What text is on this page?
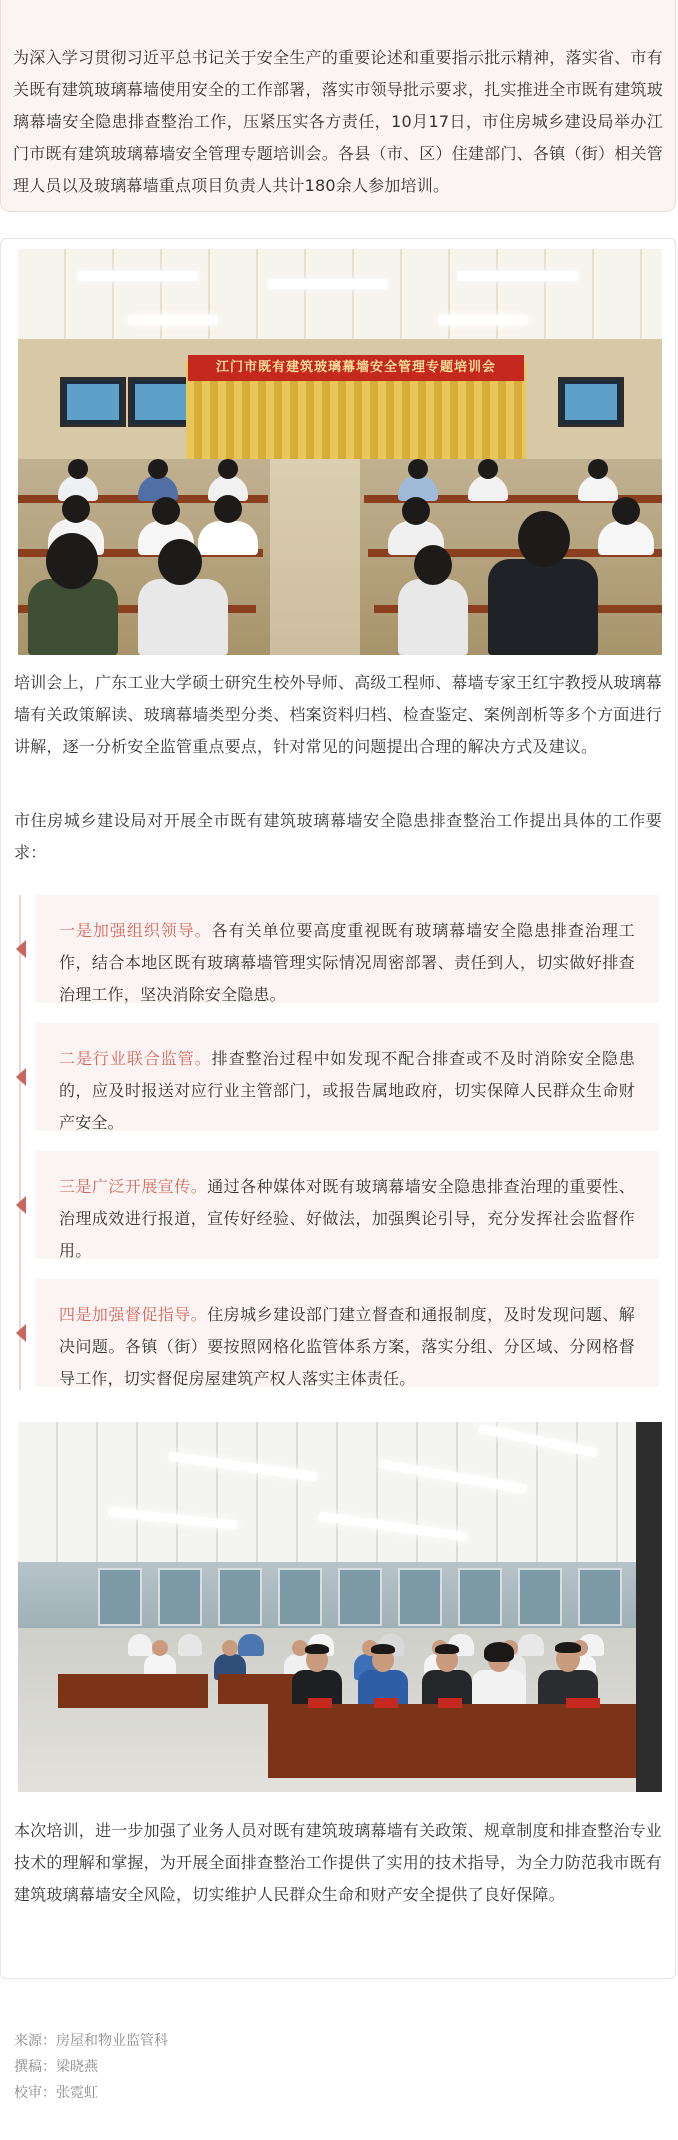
为深入学习贯彻习近平总书记关于安全生产的重要论述和重要指示批示精神，落实省、市有关既有建筑玻璃幕墙使用安全的工作部署，落实市领导批示要求，扎实推进全市既有建筑玻璃幕墙安全隐患排查整治工作，压紧压实各方责任，10月17日，市住房城乡建设局举办江门市既有建筑玻璃幕墙安全管理专题培训会。各县（市、区）住建部门、各镇（街）相关管理人员以及玻璃幕墙重点项目负责人共计180余人参加培训。

江门市既有建筑玻璃幕墙安全管理专题培训会

培训会上，广东工业大学硕士研究生校外导师、高级工程师、幕墙专家王红宇教授从玻璃幕墙有关政策解读、玻璃幕墙类型分类、档案资料归档、检查鉴定、案例剖析等多个方面进行讲解，逐一分析安全监管重点要点，针对常见的问题提出合理的解决方式及建议。

市住房城乡建设局对开展全市既有建筑玻璃幕墙安全隐患排查整治工作提出具体的工作要求：

一是加强组织领导。各有关单位要高度重视既有玻璃幕墙安全隐患排查治理工作，结合本地区既有玻璃幕墙管理实际情况周密部署、责任到人，切实做好排查治理工作，坚决消除安全隐患。

二是行业联合监管。排查整治过程中如发现不配合排查或不及时消除安全隐患的，应及时报送对应行业主管部门，或报告属地政府，切实保障人民群众生命财产安全。

三是广泛开展宣传。通过各种媒体对既有玻璃幕墙安全隐患排查治理的重要性、治理成效进行报道，宣传好经验、好做法，加强舆论引导，充分发挥社会监督作用。

四是加强督促指导。住房城乡建设部门建立督查和通报制度，及时发现问题、解决问题。各镇（街）要按照网格化监管体系方案，落实分组、分区域、分网格督导工作，切实督促房屋建筑产权人落实主体责任。

本次培训，进一步加强了业务人员对既有建筑玻璃幕墙有关政策、规章制度和排查整治专业技术的理解和掌握，为开展全面排查整治工作提供了实用的技术指导，为全力防范我市既有建筑玻璃幕墙安全风险，切实维护人民群众生命和财产安全提供了良好保障。

来源：房屋和物业监管科

撰稿：梁晓燕

校审：张霓虹
